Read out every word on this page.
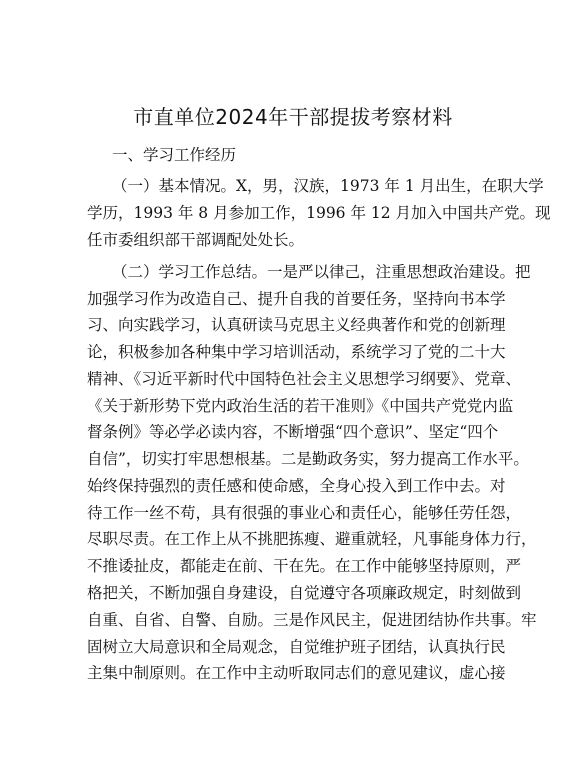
市直单位2024年干部提拔考察材料
一、学习工作经历
（一）基本情况。X，男，汉族，1973 年 1 月出生，在职大学
学历，1993 年 8 月参加工作，1996 年 12 月加入中国共产党。现
任市委组织部干部调配处处长。
（二）学习工作总结。一是严以律己，注重思想政治建设。把
加强学习作为改造自己、提升自我的首要任务，坚持向书本学
习、向实践学习，认真研读马克思主义经典著作和党的创新理
论，积极参加各种集中学习培训活动，系统学习了党的二十大
精神、《习近平新时代中国特色社会主义思想学习纲要》、党章、
《关于新形势下党内政治生活的若干准则》《中国共产党党内监
督条例》等必学必读内容，不断增强“四个意识”、坚定“四个
自信”，切实打牢思想根基。二是勤政务实，努力提高工作水平。
始终保持强烈的责任感和使命感，全身心投入到工作中去。对
待工作一丝不苟，具有很强的事业心和责任心，能够任劳任怨，
尽职尽责。在工作上从不挑肥拣瘦、避重就轻，凡事能身体力行，
不推诿扯皮，都能走在前、干在先。在工作中能够坚持原则，严
格把关，不断加强自身建设，自觉遵守各项廉政规定，时刻做到
自重、自省、自警、自励。三是作风民主，促进团结协作共事。牢
固树立大局意识和全局观念，自觉维护班子团结，认真执行民
主集中制原则。在工作中主动听取同志们的意见建议，虚心接
